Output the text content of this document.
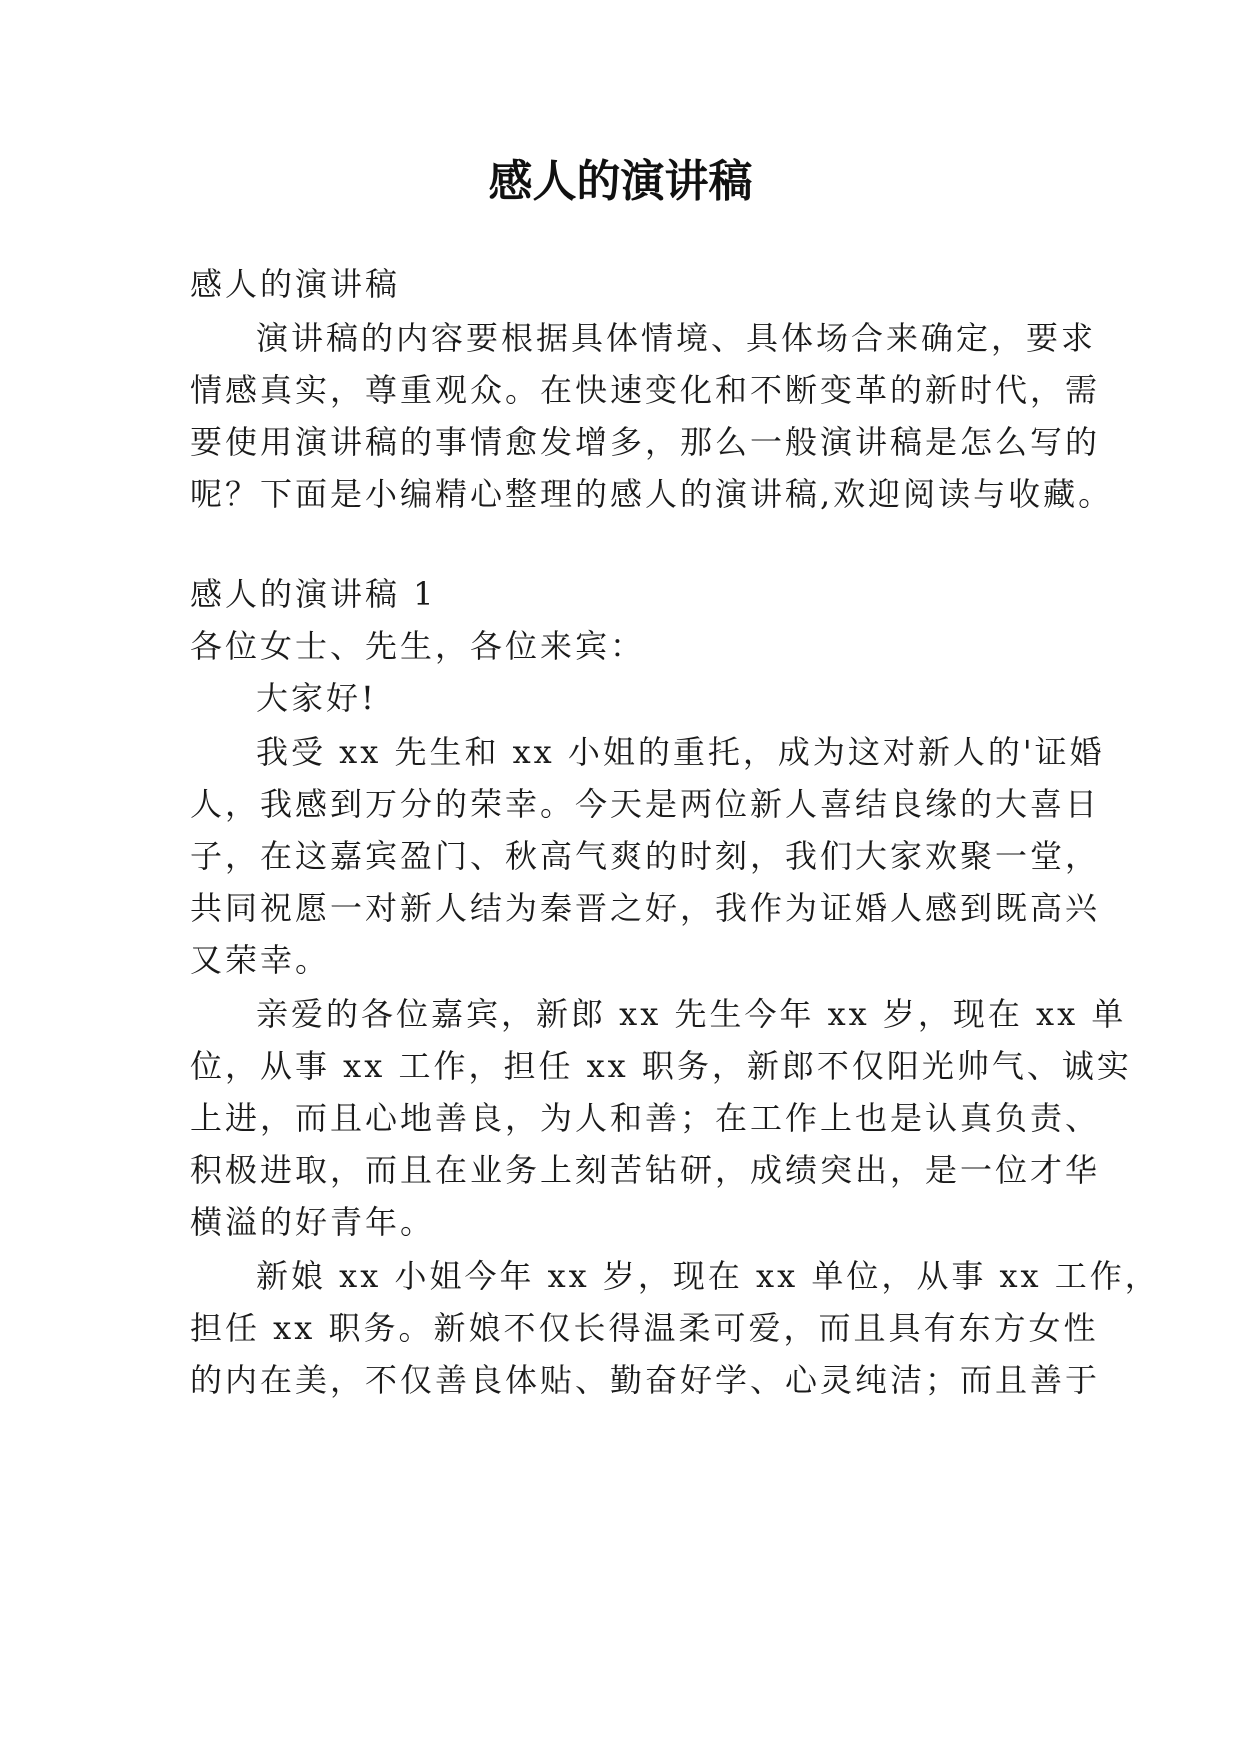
感人的演讲稿
感人的演讲稿
演讲稿的内容要根据具体情境、具体场合来确定，要求
情感真实，尊重观众。在快速变化和不断变革的新时代，需
要使用演讲稿的事情愈发增多，那么一般演讲稿是怎么写的
呢？下面是小编精心整理的感人的演讲稿,欢迎阅读与收藏。
感人的演讲稿 1
各位女士、先生，各位来宾：
大家好!
我受 xx 先生和 xx 小姐的重托，成为这对新人的'证婚
人，我感到万分的荣幸。今天是两位新人喜结良缘的大喜日
子，在这嘉宾盈门、秋高气爽的时刻，我们大家欢聚一堂，
共同祝愿一对新人结为秦晋之好，我作为证婚人感到既高兴
又荣幸。
亲爱的各位嘉宾，新郎 xx 先生今年 xx 岁，现在 xx 单
位，从事 xx 工作，担任 xx 职务，新郎不仅阳光帅气、诚实
上进，而且心地善良，为人和善；在工作上也是认真负责、
积极进取，而且在业务上刻苦钻研，成绩突出，是一位才华
横溢的好青年。
新娘 xx 小姐今年 xx 岁，现在 xx 单位，从事 xx 工作，
担任 xx 职务。新娘不仅长得温柔可爱，而且具有东方女性
的内在美，不仅善良体贴、勤奋好学、心灵纯洁；而且善于
